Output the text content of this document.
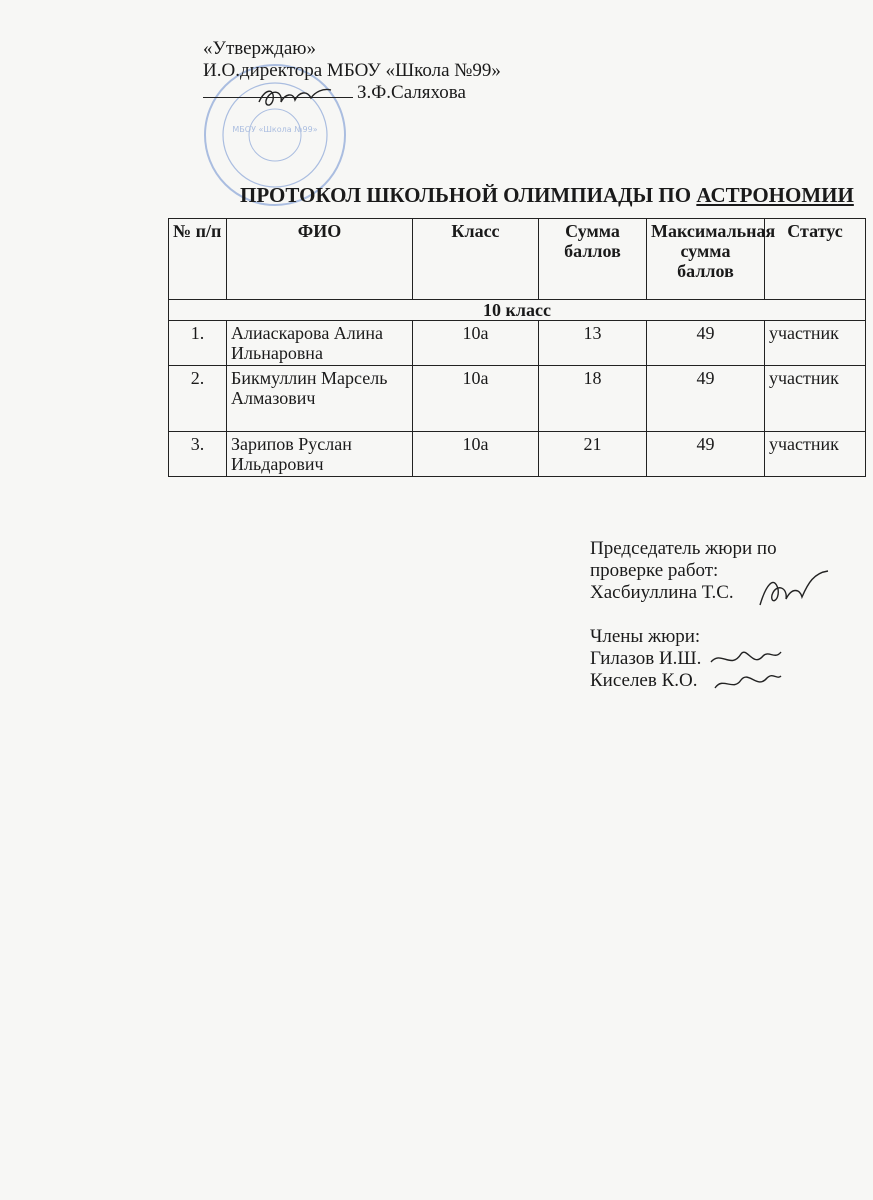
МБОУ «Школа №99»
«Утверждаю»
И.О.директора МБОУ «Школа №99»
З.Ф.Саляхова
ПРОТОКОЛ ШКОЛЬНОЙ ОЛИМПИАДЫ ПО АСТРОНОМИИ
№ п/п	ФИО	Класс	Сумма баллов	Максимальная сумма баллов	Статус
10 класс					
1.	Алиаскарова Алина Ильнаровна	10а	13	49	участник
2.	Бикмуллин Марсель Алмазович	10а	18	49	участник
3.	Зарипов Руслан Ильдарович	10а	21	49	участник
Председатель жюри по
проверке работ:
Хасбиуллина Т.С.
Члены жюри:
Гилазов И.Ш.
Киселев К.О.
